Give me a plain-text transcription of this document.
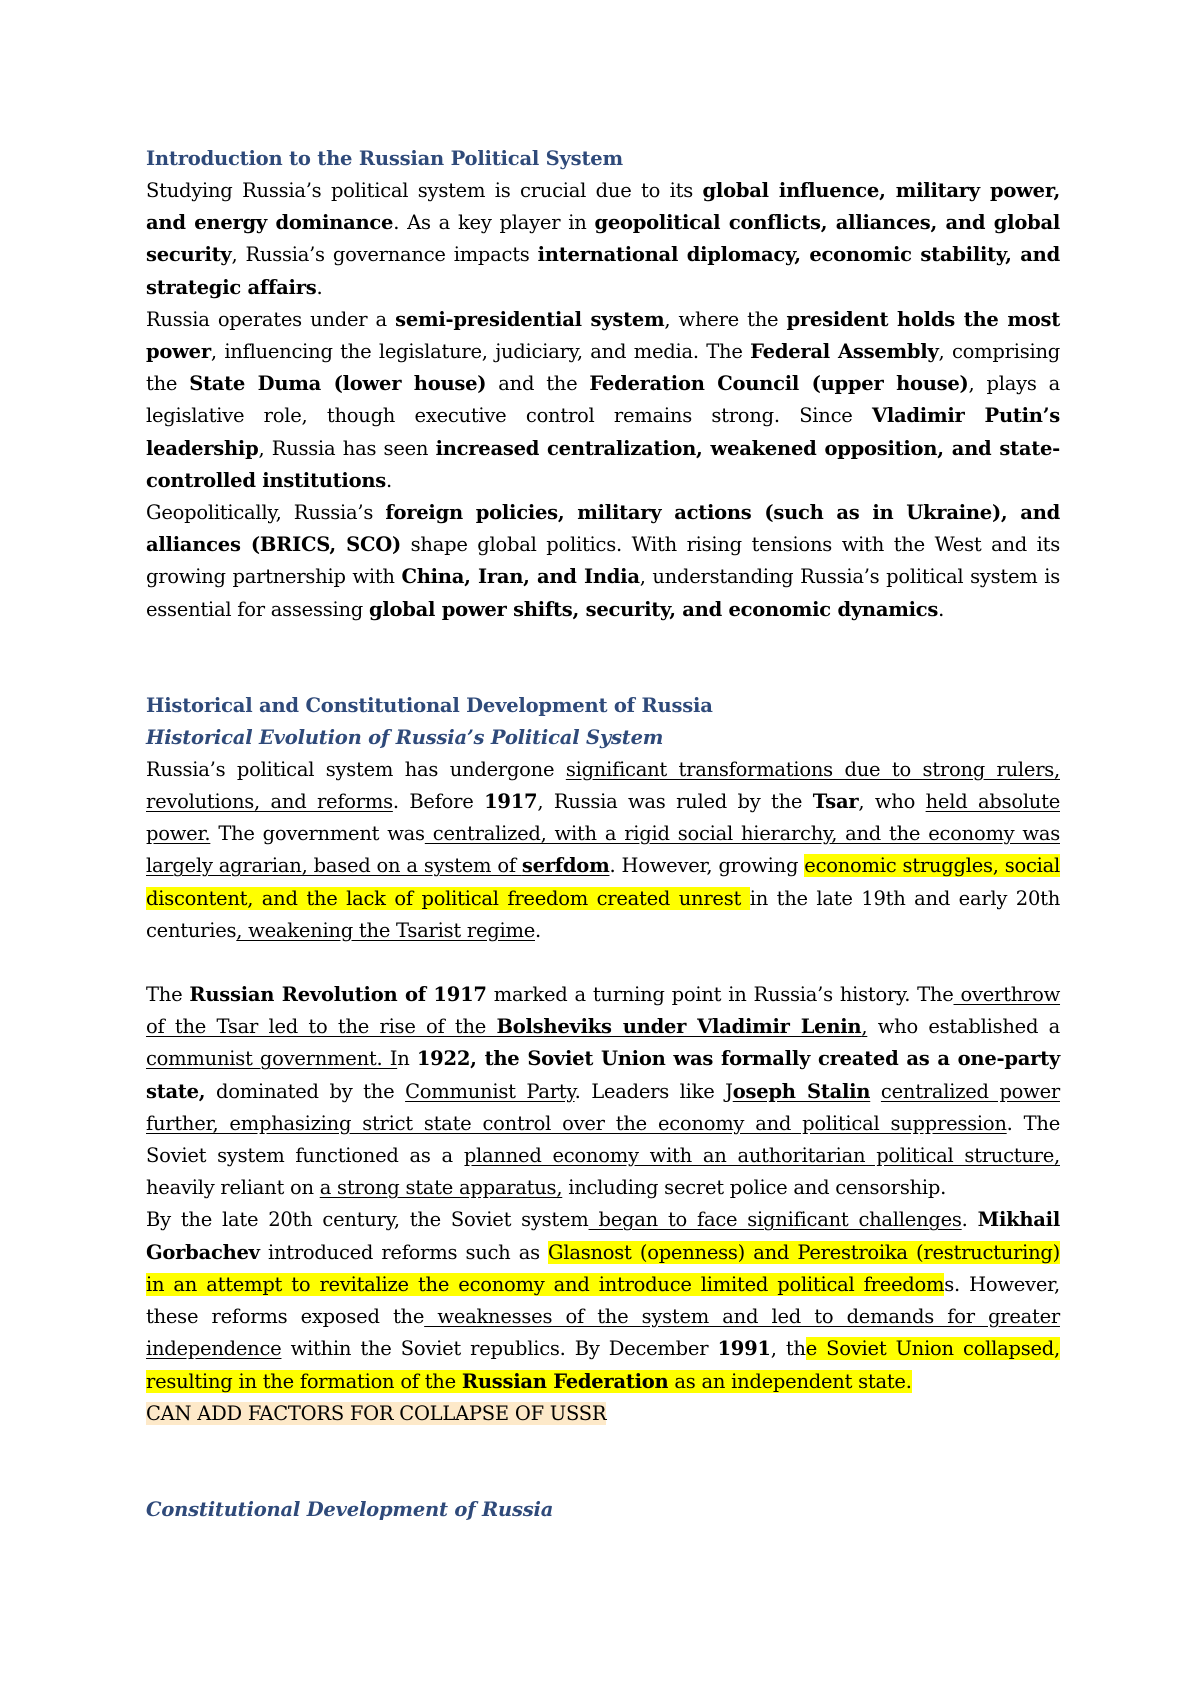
Introduction to the Russian Political System

Studying Russia’s political system is crucial due to its global influence, military power, and energy dominance. As a key player in geopolitical conflicts, alliances, and global security, Russia’s governance impacts international diplomacy, economic stability, and strategic affairs.

Russia operates under a semi-presidential system, where the president holds the most power, influencing the legislature, judiciary, and media. The Federal Assembly, comprising the State Duma (lower house) and the Federation Council (upper house), plays a legislative role, though executive control remains strong. Since Vladimir Putin’s leadership, Russia has seen increased centralization, weakened opposition, and state-controlled institutions.

Geopolitically, Russia’s foreign policies, military actions (such as in Ukraine), and alliances (BRICS, SCO) shape global politics. With rising tensions with the West and its growing partnership with China, Iran, and India, understanding Russia’s political system is essential for assessing global power shifts, security, and economic dynamics.

Historical and Constitutional Development of Russia
Historical Evolution of Russia’s Political System

Russia’s political system has undergone significant transformations due to strong rulers, revolutions, and reforms. Before 1917, Russia was ruled by the Tsar, who held absolute power. The government was centralized, with a rigid social hierarchy, and the economy was largely agrarian, based on a system of serfdom. However, growing economic struggles, social discontent, and the lack of political freedom created unrest in the late 19th and early 20th centuries, weakening the Tsarist regime.

The Russian Revolution of 1917 marked a turning point in Russia’s history. The overthrow of the Tsar led to the rise of the Bolsheviks under Vladimir Lenin, who established a communist government. In 1922, the Soviet Union was formally created as a one-party state, dominated by the Communist Party. Leaders like Joseph Stalin centralized power further, emphasizing strict state control over the economy and political suppression. The Soviet system functioned as a planned economy with an authoritarian political structure, heavily reliant on a strong state apparatus, including secret police and censorship.

By the late 20th century, the Soviet system began to face significant challenges. Mikhail Gorbachev introduced reforms such as Glasnost (openness) and Perestroika (restructuring) in an attempt to revitalize the economy and introduce limited political freedoms. However, these reforms exposed the weaknesses of the system and led to demands for greater independence within the Soviet republics. By December 1991, the Soviet Union collapsed, resulting in the formation of the Russian Federation as an independent state.

CAN ADD FACTORS FOR COLLAPSE OF USSR

Constitutional Development of Russia
